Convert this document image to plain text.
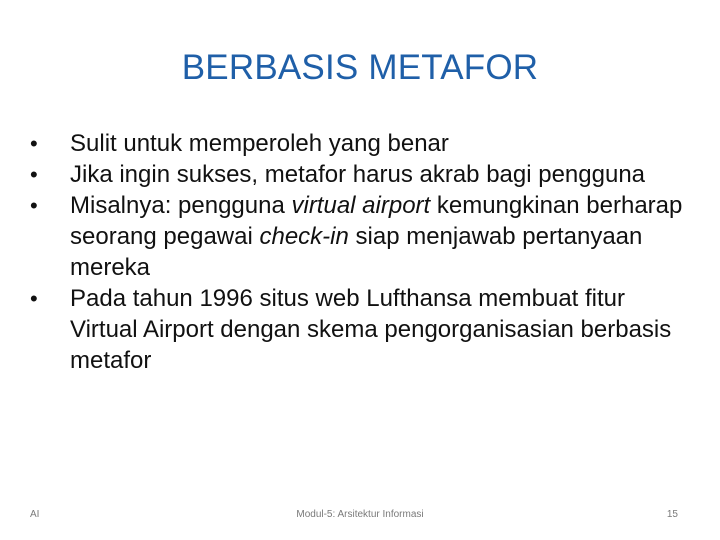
BERBASIS METAFOR
•	Sulit untuk memperoleh yang benar
•	Jika ingin sukses, metafor harus akrab bagi pengguna
•	Misalnya: pengguna virtual airport kemungkinan berharap seorang pegawai check-in siap menjawab pertanyaan mereka
•	Pada tahun 1996 situs web Lufthansa membuat fitur Virtual Airport dengan skema pengorganisasian berbasis metafor
AI	Modul-5: Arsitektur Informasi	15
